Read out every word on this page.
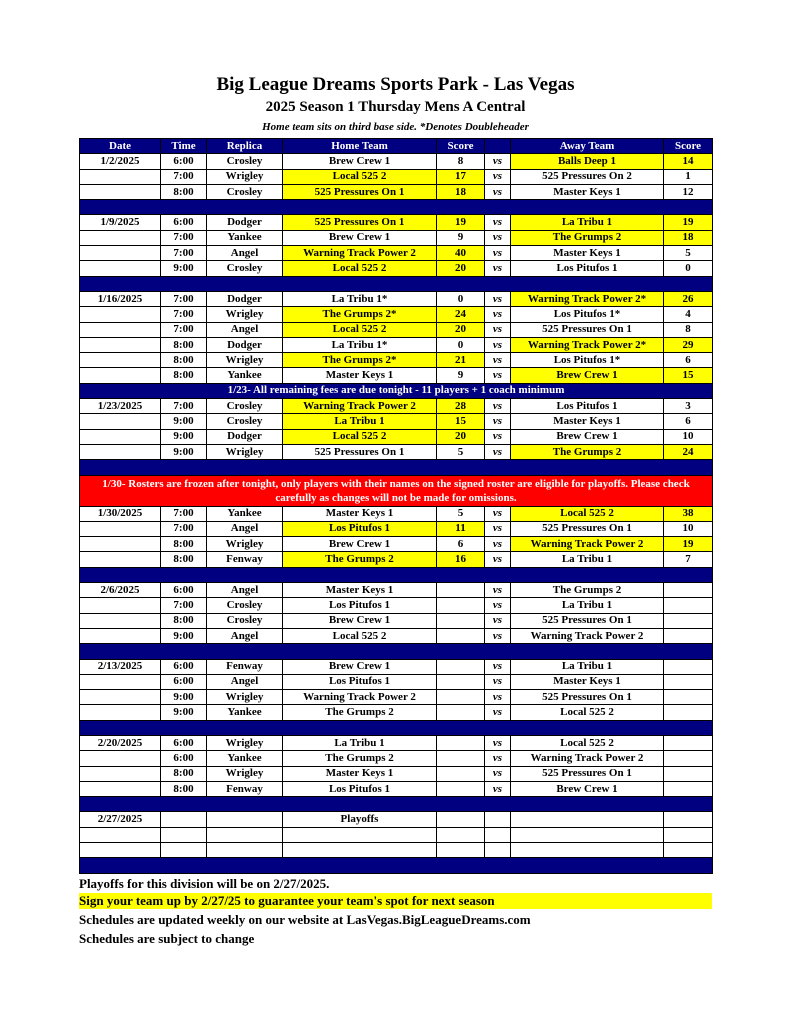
Big League Dreams Sports Park - Las Vegas
2025 Season 1 Thursday Mens A Central
Home team sits on third base side. *Denotes Doubleheader
Date	Time	Replica	Home Team	Score		Away Team	Score
1/2/2025	6:00	Crosley	Brew Crew 1	8	vs	Balls Deep 1	14
	7:00	Wrigley	Local 525 2	17	vs	525 Pressures On 2	1
	8:00	Crosley	525 Pressures On 1	18	vs	Master Keys 1	12

1/9/2025	6:00	Dodger	525 Pressures On 1	19	vs	La Tribu 1	19
	7:00	Yankee	Brew Crew 1	9	vs	The Grumps 2	18
	7:00	Angel	Warning Track Power 2	40	vs	Master Keys 1	5
	9:00	Crosley	Local 525 2	20	vs	Los Pitufos 1	0

1/16/2025	7:00	Dodger	La Tribu 1*	0	vs	Warning Track Power 2*	26
	7:00	Wrigley	The Grumps 2*	24	vs	Los Pitufos 1*	4
	7:00	Angel	Local 525 2	20	vs	525 Pressures On 1	8
	8:00	Dodger	La Tribu 1*	0	vs	Warning Track Power 2*	29
	8:00	Wrigley	The Grumps 2*	21	vs	Los Pitufos 1*	6
	8:00	Yankee	Master Keys 1	9	vs	Brew Crew 1	15
1/23- All remaining fees are due tonight - 11 players + 1 coach minimum							
1/23/2025	7:00	Crosley	Warning Track Power 2	28	vs	Los Pitufos 1	3
	9:00	Crosley	La Tribu 1	15	vs	Master Keys 1	6
	9:00	Dodger	Local 525 2	20	vs	Brew Crew 1	10
	9:00	Wrigley	525 Pressures On 1	5	vs	The Grumps 2	24

1/30- Rosters are frozen after tonight, only players with their names on the signed roster are eligible for playoffs. Please check carefully as changes will not be made for omissions.							
1/30/2025	7:00	Yankee	Master Keys 1	5	vs	Local 525 2	38
	7:00	Angel	Los Pitufos 1	11	vs	525 Pressures On 1	10
	8:00	Wrigley	Brew Crew 1	6	vs	Warning Track Power 2	19
	8:00	Fenway	The Grumps 2	16	vs	La Tribu 1	7

2/6/2025	6:00	Angel	Master Keys 1		vs	The Grumps 2	
	7:00	Crosley	Los Pitufos 1		vs	La Tribu 1	
	8:00	Crosley	Brew Crew 1		vs	525 Pressures On 1	
	9:00	Angel	Local 525 2		vs	Warning Track Power 2	

2/13/2025	6:00	Fenway	Brew Crew 1		vs	La Tribu 1	
	6:00	Angel	Los Pitufos 1		vs	Master Keys 1	
	9:00	Wrigley	Warning Track Power 2		vs	525 Pressures On 1	
	9:00	Yankee	The Grumps 2		vs	Local 525 2	

2/20/2025	6:00	Wrigley	La Tribu 1		vs	Local 525 2	
	6:00	Yankee	The Grumps 2		vs	Warning Track Power 2	
	8:00	Wrigley	Master Keys 1		vs	525 Pressures On 1	
	8:00	Fenway	Los Pitufos 1		vs	Brew Crew 1	

2/27/2025			Playoffs				

Playoffs for this division will be on 2/27/2025.
Sign your team up by 2/27/25 to guarantee your team's spot for next season
Schedules are updated weekly on our website at LasVegas.BigLeagueDreams.com
Schedules are subject to change
